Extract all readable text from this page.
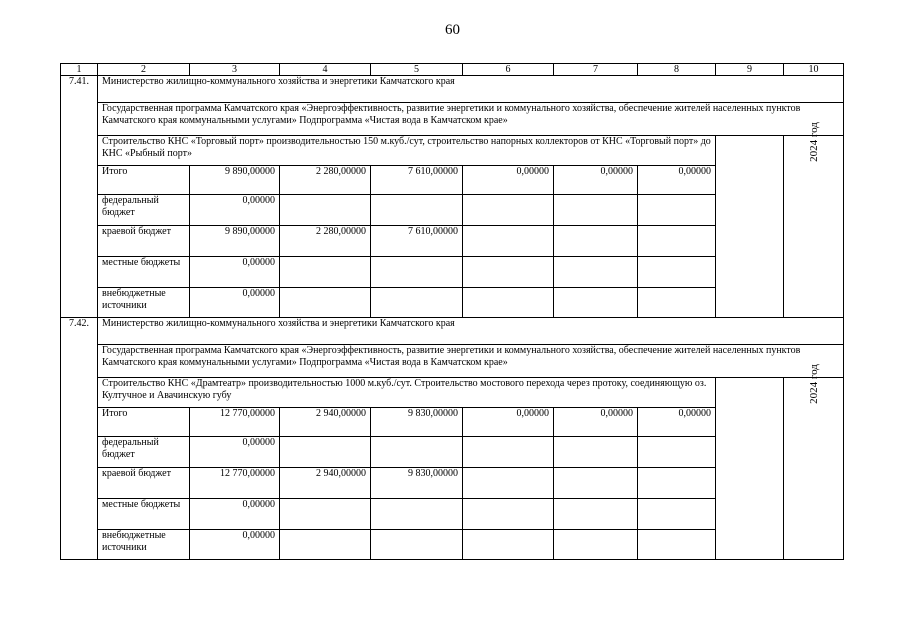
60
1	2	3	4	5	6	7	8	9	10
7.41.	Министерство жилищно-коммунального хозяйства и энергетики Камчатского края								
	Государственная программа Камчатского края «Энергоэффективность, развитие энергетики и коммунального хозяйства, обеспечение жителей населенных пунктов Камчатского края коммунальными услугами» Подпрограмма «Чистая вода в Камчатском крае»								
	Строительство КНС «Торговый порт» производительностью 150 м.куб./сут, строительство напорных коллекторов от КНС «Торговый порт» до КНС «Рыбный порт»								2024 год
	Итого	9 890,00000	2 280,00000	7 610,00000	0,00000	0,00000	0,00000		
	федеральный бюджет	0,00000							
	краевой бюджет	9 890,00000	2 280,00000	7 610,00000					
	местные бюджеты	0,00000							
	внебюджетные источники	0,00000							
7.42.	Министерство жилищно-коммунального хозяйства и энергетики Камчатского края								
	Государственная программа Камчатского края «Энергоэффективность, развитие энергетики и коммунального хозяйства, обеспечение жителей населенных пунктов Камчатского края коммунальными услугами» Подпрограмма «Чистая вода в Камчатском крае»								
	Строительство КНС «Драмтеатр» производительностью 1000 м.куб./сут. Строительство мостового перехода через протоку, соединяющую оз. Култучное и Авачинскую губу								2024 год
	Итого	12 770,00000	2 940,00000	9 830,00000	0,00000	0,00000	0,00000		
	федеральный бюджет	0,00000							
	краевой бюджет	12 770,00000	2 940,00000	9 830,00000					
	местные бюджеты	0,00000							
	внебюджетные источники	0,00000							
